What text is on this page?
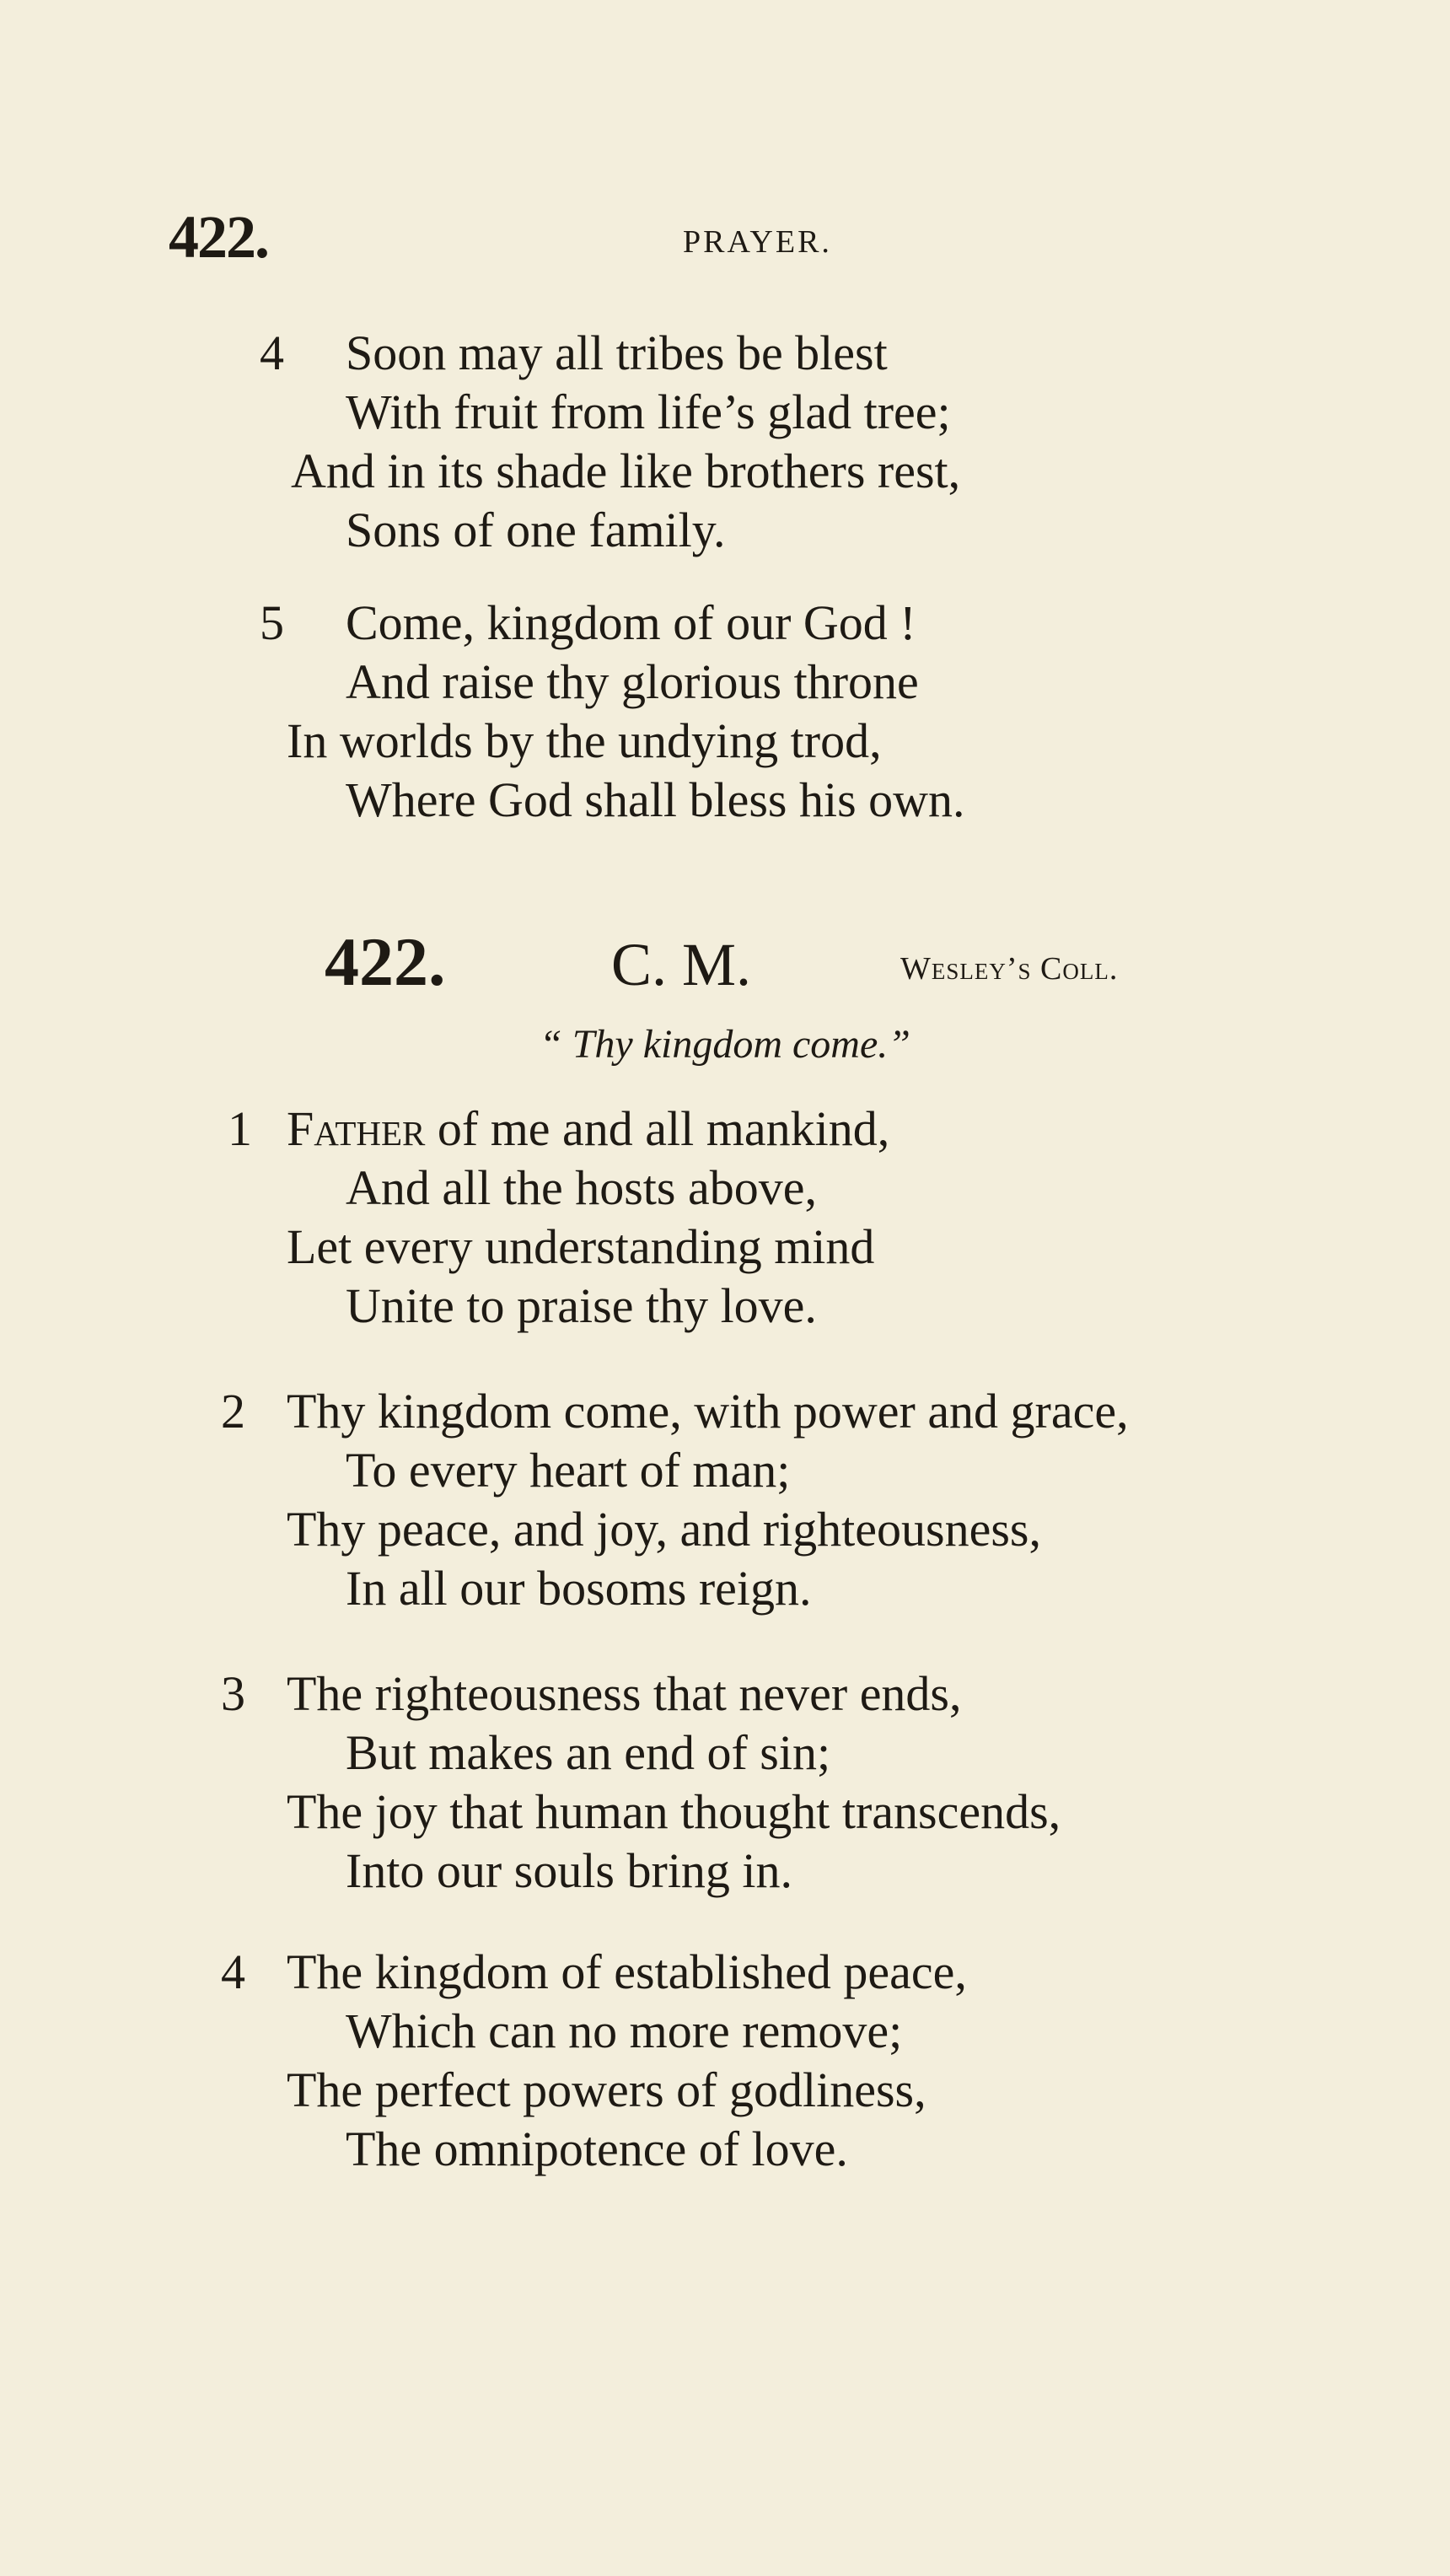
422.	PRAYER.
4 Soon may all tribes be blest
With fruit from life’s glad tree;
And in its shade like brothers rest,
Sons of one family.
5 Come, kingdom of our God !
And raise thy glorious throne
In worlds by the undying trod,
Where God shall bless his own.
422.	C. M.	Wesley’s Coll.
“ Thy kingdom come.”
1 Father of me and all mankind,
And all the hosts above,
Let every understanding mind
Unite to praise thy love.
2 Thy kingdom come, with power and grace,
To every heart of man;
Thy peace, and joy, and righteousness,
In all our bosoms reign.
3 The righteousness that never ends,
But makes an end of sin;
The joy that human thought transcends,
Into our souls bring in.
4 The kingdom of established peace,
Which can no more remove;
The perfect powers of godliness,
The omnipotence of love.
